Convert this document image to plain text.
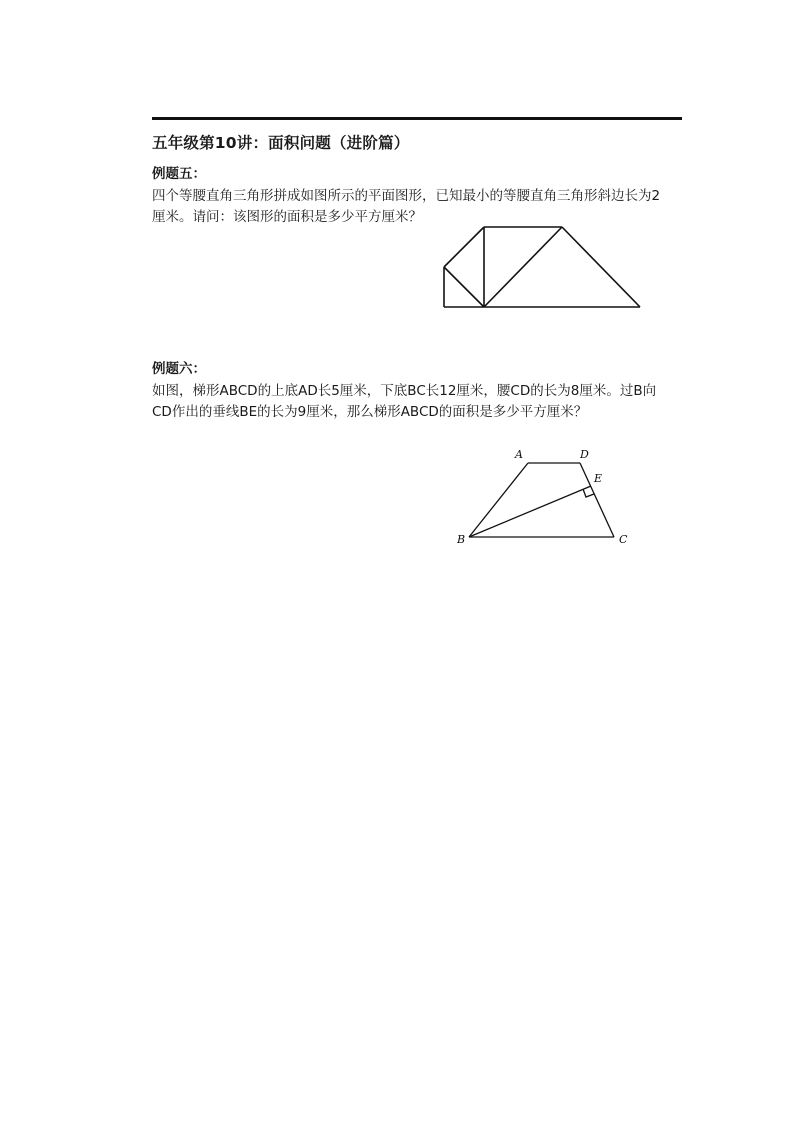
五年级第10讲：面积问题（进阶篇）
例题五：
四个等腰直角三角形拼成如图所示的平面图形，已知最小的等腰直角三角形斜边长为2
厘米。请问：该图形的面积是多少平方厘米？
例题六：
如图，梯形ABCD的上底AD长5厘米，下底BC长12厘米，腰CD的长为8厘米。过B向
CD作出的垂线BE的长为9厘米，那么梯形ABCD的面积是多少平方厘米？
A	D
E
B	C
